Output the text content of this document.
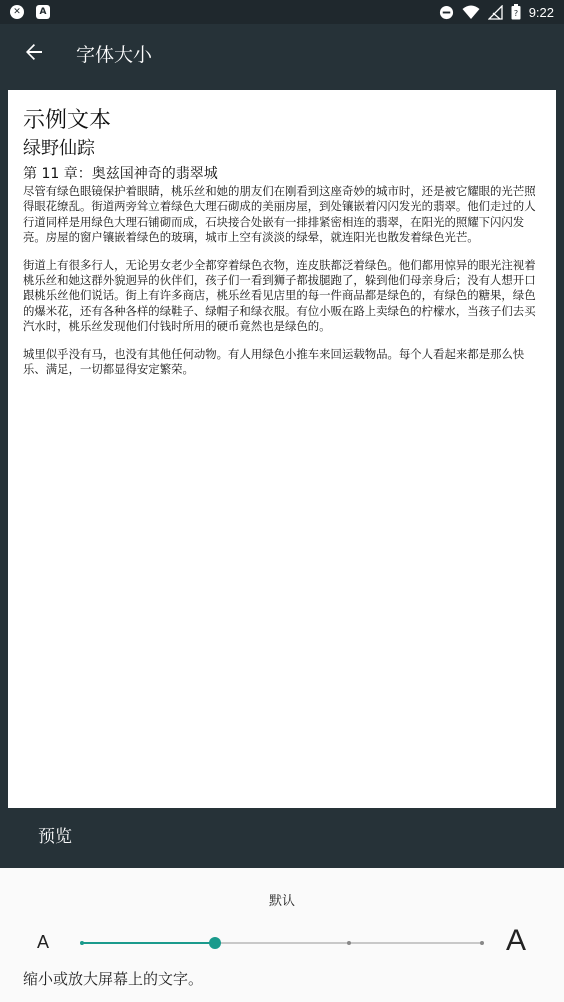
✕	A	? 9:22
字体大小
示例文本
绿野仙踪
第 11 章：奥兹国神奇的翡翠城
尽管有绿色眼镜保护着眼睛，桃乐丝和她的朋友们在刚看到这座奇妙的城市时，还是被它耀眼的光芒照得眼花缭乱。街道两旁耸立着绿色大理石砌成的美丽房屋，到处镶嵌着闪闪发光的翡翠。他们走过的人行道同样是用绿色大理石铺砌而成，石块接合处嵌有一排排紧密相连的翡翠，在阳光的照耀下闪闪发亮。房屋的窗户镶嵌着绿色的玻璃，城市上空有淡淡的绿晕，就连阳光也散发着绿色光芒。
街道上有很多行人，无论男女老少全都穿着绿色衣物，连皮肤都泛着绿色。他们都用惊异的眼光注视着桃乐丝和她这群外貌迥异的伙伴们，孩子们一看到狮子都拔腿跑了，躲到他们母亲身后；没有人想开口跟桃乐丝他们说话。街上有许多商店，桃乐丝看见店里的每一件商品都是绿色的，有绿色的糖果，绿色的爆米花，还有各种各样的绿鞋子、绿帽子和绿衣服。有位小贩在路上卖绿色的柠檬水，当孩子们去买汽水时，桃乐丝发现他们付钱时所用的硬币竟然也是绿色的。
城里似乎没有马，也没有其他任何动物。有人用绿色小推车来回运载物品。每个人看起来都是那么快乐、满足，一切都显得安定繁荣。
预览
默认
A	A
缩小或放大屏幕上的文字。
